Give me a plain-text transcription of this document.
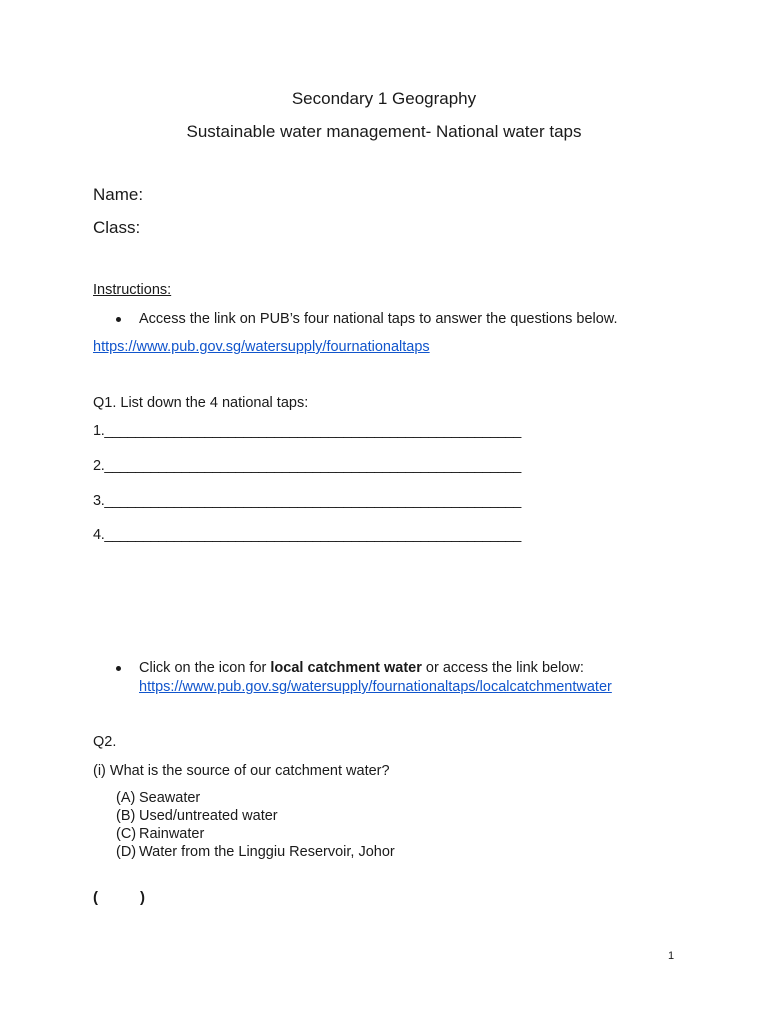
Secondary 1 Geography
Sustainable water management- National water taps
Name:
Class:
Instructions:
Access the link on PUB’s four national taps to answer the questions below.
https://www.pub.gov.sg/watersupply/fournationaltaps
Q1. List down the 4 national taps:
1.______________________________________________________
2.______________________________________________________
3.______________________________________________________
4.______________________________________________________
Click on the icon for local catchment water or access the link below:
https://www.pub.gov.sg/watersupply/fournationaltaps/localcatchmentwater
Q2.
(i) What is the source of our catchment water?
(A) Seawater
(B) Used/untreated water
(C) Rainwater
(D) Water from the Linggiu Reservoir, Johor
(	)
1
